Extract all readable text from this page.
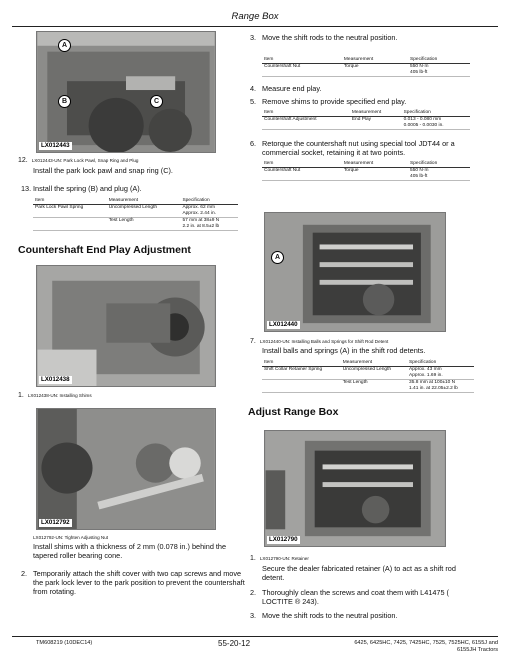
Range Box
LX012443
A
B	C
12. LX012443-UN: Park Lock Pawl, Snap Ring and Plug
Install the park lock pawl and snap ring (C).
13. Install the spring (B) and plug (A).
Item	Measurement	Specification
Park Lock Pawl Spring	Uncompressed Length	Approx. 62 mm
Approx. 2.44 in.
	Test Length	57 mm at 38±9 N
2.2 in. at 8.5±2 lb
Countershaft End Play Adjustment
LX012438
1. LX012438-UN: Installing Shims
LX012792
LX012792-UN: Tighten Adjusting Nut
Install shims with a thickness of 2 mm (0.078 in.) behind the tapered roller bearing cone.
2. Temporarily attach the shift cover with two cap screws and move the park lock lever to the park position to prevent the countershaft from rotating.
3. Move the shift rods to the neutral position.
Item	Measurement	Specification
Countershaft Nut	Torque	550 N·m
405 lb-ft
4. Measure end play.
5. Remove shims to provide specified end play.
Item	Measurement	Specification
Countershaft Adjustment	End Play	0.013 - 0.080 mm
0.0005 - 0.0030 in.
6. Retorque the countershaft nut using special tool JDT44 or a commercial socket, retaining it at two points.
Item	Measurement	Specification
Countershaft Nut	Torque	550 N·m
405 lb-ft
LX012440
A
7. LX012440-UN: Installing Balls and Springs for Shift Rod Detent
Install balls and springs (A) in the shift rod detents.
Item	Measurement	Specification
Shift Collar Retainer Spring	Uncompressed Length	Approx. 43 mm
Approx. 1.69 in.
	Test Length	35.8 mm at 100±10 N
1.41 in. at 22.05±2.2 lb
Adjust Range Box
LX012790
1. LX012790-UN: Retainer
Secure the dealer fabricated retainer (A) to act as a shift rod detent.
2. Thoroughly clean the screws and coat them with L41475 ( LOCTITE ® 243).
3. Move the shift rods to the neutral position.
TM608219 (10DEC14)	55-20-12	6425, 6425HC, 7425, 7425HC, 7525, 7525HC, 6155J and
6155JH Tractors
